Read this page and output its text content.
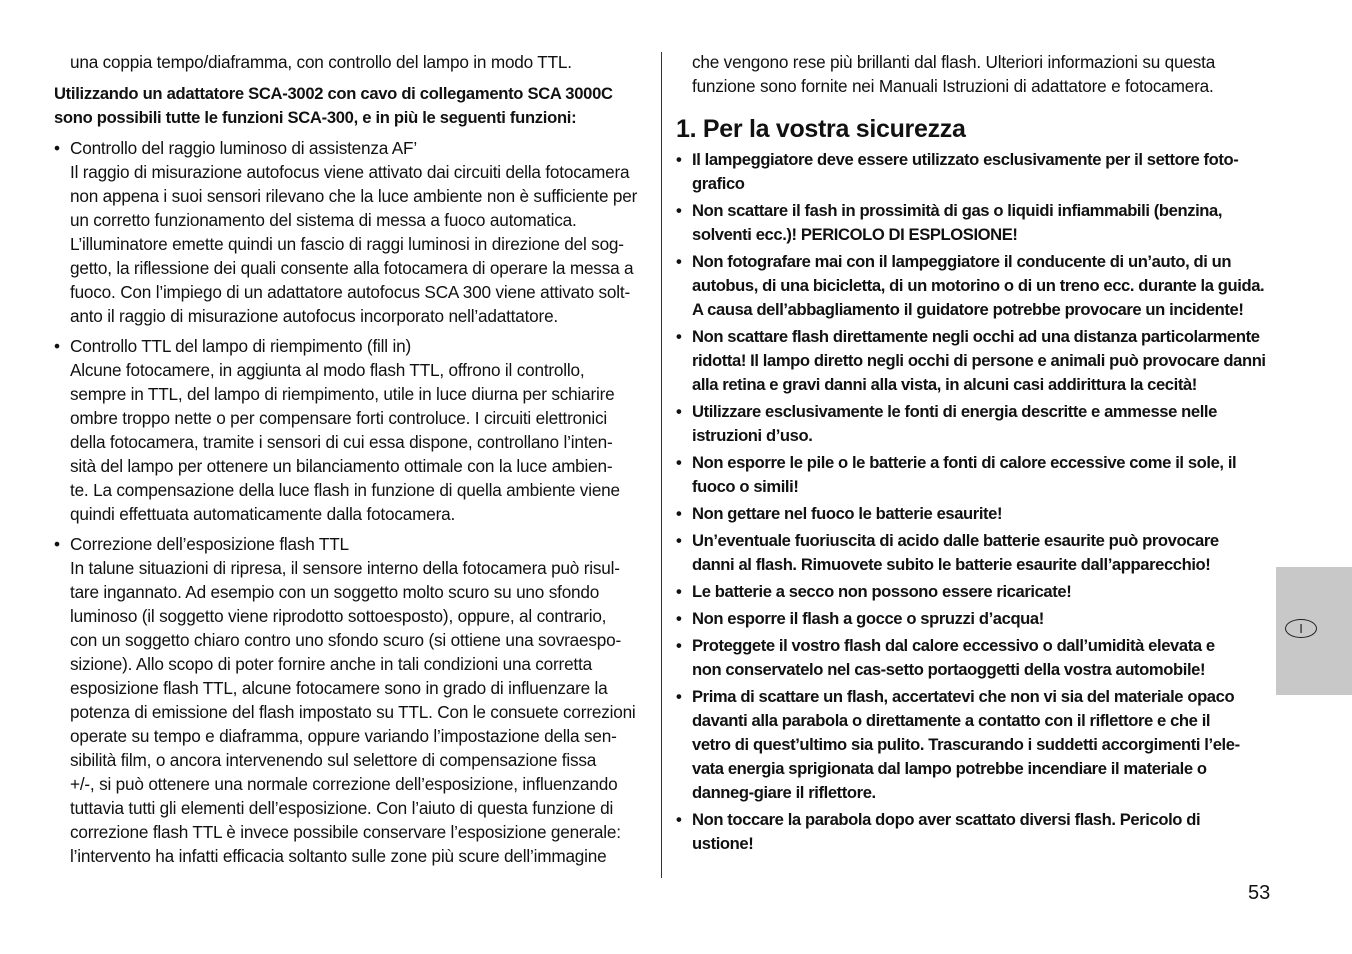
una coppia tempo/diaframma, con controllo del lampo in modo TTL.

Utilizzando un adattatore SCA-3002 con cavo di collegamento SCA 3000C
sono possibili tutte le funzioni SCA-300, e in più le seguenti funzioni:
• Controllo del raggio luminoso di assistenza AF’
Il raggio di misurazione autofocus viene attivato dai circuiti della fotocamera
non appena i suoi sensori rilevano che la luce ambiente non è sufficiente per
un corretto funzionamento del sistema di messa a fuoco automatica.
L’illuminatore emette quindi un fascio di raggi luminosi in direzione del sog-
getto, la riflessione dei quali consente alla fotocamera di operare la messa a
fuoco. Con l’impiego di un adattatore autofocus SCA 300 viene attivato solt-
anto il raggio di misurazione autofocus incorporato nell’adattatore.
• Controllo TTL del lampo di riempimento (fill in)
Alcune fotocamere, in aggiunta al modo flash TTL, offrono il controllo,
sempre in TTL, del lampo di riempimento, utile in luce diurna per schiarire
ombre troppo nette o per compensare forti controluce. I circuiti elettronici
della fotocamera, tramite i sensori di cui essa dispone, controllano l’inten-
sità del lampo per ottenere un bilanciamento ottimale con la luce ambien-
te. La compensazione della luce flash in funzione di quella ambiente viene
quindi effettuata automaticamente dalla fotocamera.
• Correzione dell’esposizione flash TTL
In talune situazioni di ripresa, il sensore interno della fotocamera può risul-
tare ingannato. Ad esempio con un soggetto molto scuro su uno sfondo
luminoso (il soggetto viene riprodotto sottoesposto), oppure, al contrario,
con un soggetto chiaro contro uno sfondo scuro (si ottiene una sovraespo-
sizione). Allo scopo di poter fornire anche in tali condizioni una corretta
esposizione flash TTL, alcune fotocamere sono in grado di influenzare la
potenza di emissione del flash impostato su TTL. Con le consuete correzioni
operate su tempo e diaframma, oppure variando l’impostazione della sen-
sibilità film, o ancora intervenendo sul selettore di compensazione fissa
+/-, si può ottenere una normale correzione dell’esposizione, influenzando
tuttavia tutti gli elementi dell’esposizione. Con l’aiuto di questa funzione di
correzione flash TTL è invece possibile conservare l’esposizione generale:
l’intervento ha infatti efficacia soltanto sulle zone più scure dell’immagine
che vengono rese più brillanti dal flash. Ulteriori informazioni su questa
funzione sono fornite nei Manuali Istruzioni di adattatore e fotocamera.
1. Per la vostra sicurezza
• Il lampeggiatore deve essere utilizzato esclusivamente per il settore foto-
grafico
• Non scattare il fash in prossimità di gas o liquidi infiammabili (benzina,
solventi ecc.)! PERICOLO DI ESPLOSIONE!
• Non fotografare mai con il lampeggiatore il conducente di un’auto, di un
autobus, di una bicicletta, di un motorino o di un treno ecc. durante la guida.
A causa dell’abbagliamento il guidatore potrebbe provocare un incidente!
• Non scattare flash direttamente negli occhi ad una distanza particolarmente
ridotta! Il lampo diretto negli occhi di persone e animali può provocare danni
alla retina e gravi danni alla vista, in alcuni casi addirittura la cecità!
• Utilizzare esclusivamente le fonti di energia descritte e ammesse nelle
istruzioni d’uso.
• Non esporre le pile o le batterie a fonti di calore eccessive come il sole, il
fuoco o simili!
• Non gettare nel fuoco le batterie esaurite!
• Un’eventuale fuoriuscita di acido dalle batterie esaurite può provocare
danni al flash. Rimuovete subito le batterie esaurite dall’apparecchio!
• Le batterie a secco non possono essere ricaricate!
• Non esporre il flash a gocce o spruzzi d’acqua!
• Proteggete il vostro flash dal calore eccessivo o dall’umidità elevata e
non conservatelo nel cas-setto portaoggetti della vostra automobile!
• Prima di scattare un flash, accertatevi che non vi sia del materiale opaco
davanti alla parabola o direttamente a contatto con il riflettore e che il
vetro di quest’ultimo sia pulito. Trascurando i suddetti accorgimenti l’ele-
vata energia sprigionata dal lampo potrebbe incendiare il materiale o
danneg-giare il riflettore.
• Non toccare la parabola dopo aver scattato diversi flash. Pericolo di
ustione!
I
53
